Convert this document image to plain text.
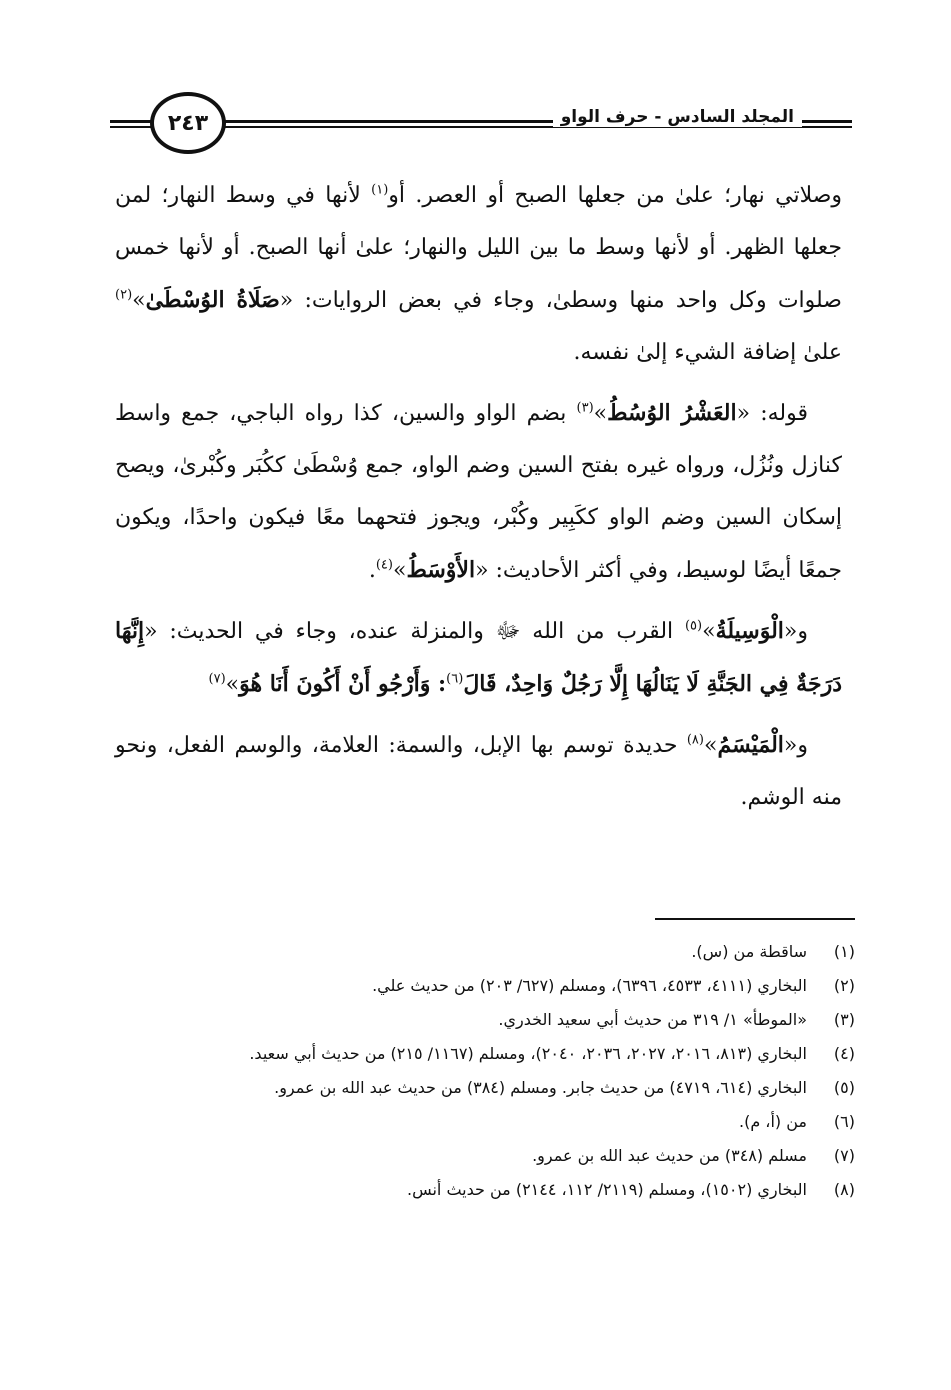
المجلد السادس - حرف الواو
٢٤٣

وصلاتي نهار؛ علىٰ من جعلها الصبح أو العصر. أو$^{(١)}$ لأنها في وسط النهار؛ لمن جعلها الظهر. أو لأنها وسط ما بين الليل والنهار؛ علىٰ أنها الصبح. أو لأنها خمس صلوات وكل واحد منها وسطىٰ، وجاء في بعض الروايات: «صَلَاةُ الوُسْطَىٰ»$^{(٢)}$ علىٰ إضافة الشيء إلىٰ نفسه.

قوله: «العَشْرُ الوُسُطُ»$^{(٣)}$ بضم الواو والسين، كذا رواه الباجي، جمع واسط كنازل ونُزُل، ورواه غيره بفتح السين وضم الواو، جمع وُسْطَىٰ ككُبَر وكُبْرىٰ، ويصح إسكان السين وضم الواو ككَبِير وكُبْر، ويجوز فتحهما معًا فيكون واحدًا، ويكون جمعًا أيضًا لوسيط، وفي أكثر الأحاديث: «الأَوْسَطُ»$^{(٤)}$.

و«الْوَسِيلَةُ»$^{(٥)}$ القرب من الله ﷻ والمنزلة عنده، وجاء في الحديث: «إِنَّهَا دَرَجَةٌ فِي الجَنَّةِ لَا يَنَالُهَا إِلَّا رَجُلٌ وَاحِدٌ، قَالَ$^{(٦)}$: وَأَرْجُو أَنْ أَكُونَ أَنَا هُوَ»$^{(٧)}$

و«الْمَيْسَمُ»$^{(٨)}$ حديدة توسم بها الإبل، والسمة: العلامة، والوسم الفعل، ونحو منه الوشم.

(١)
ساقطة من (س).
(٢)
البخاري (٤١١١، ٤٥٣٣، ٦٣٩٦)، ومسلم (٦٢٧/ ٢٠٣) من حديث علي.
(٣)
«الموطأ» ١/ ٣١٩ من حديث أبي سعيد الخدري.
(٤)
البخاري (٨١٣، ٢٠١٦، ٢٠٢٧، ٢٠٣٦، ٢٠٤٠)، ومسلم (١١٦٧/ ٢١٥) من حديث أبي سعيد.
(٥)
البخاري (٦١٤، ٤٧١٩) من حديث جابر. ومسلم (٣٨٤) من حديث عبد الله بن عمرو.
(٦)
من (أ، م).
(٧)
مسلم (٣٤٨) من حديث عبد الله بن عمرو.
(٨)
البخاري (١٥٠٢)، ومسلم (٢١١٩/ ١١٢، ٢١٤٤) من حديث أنس.
